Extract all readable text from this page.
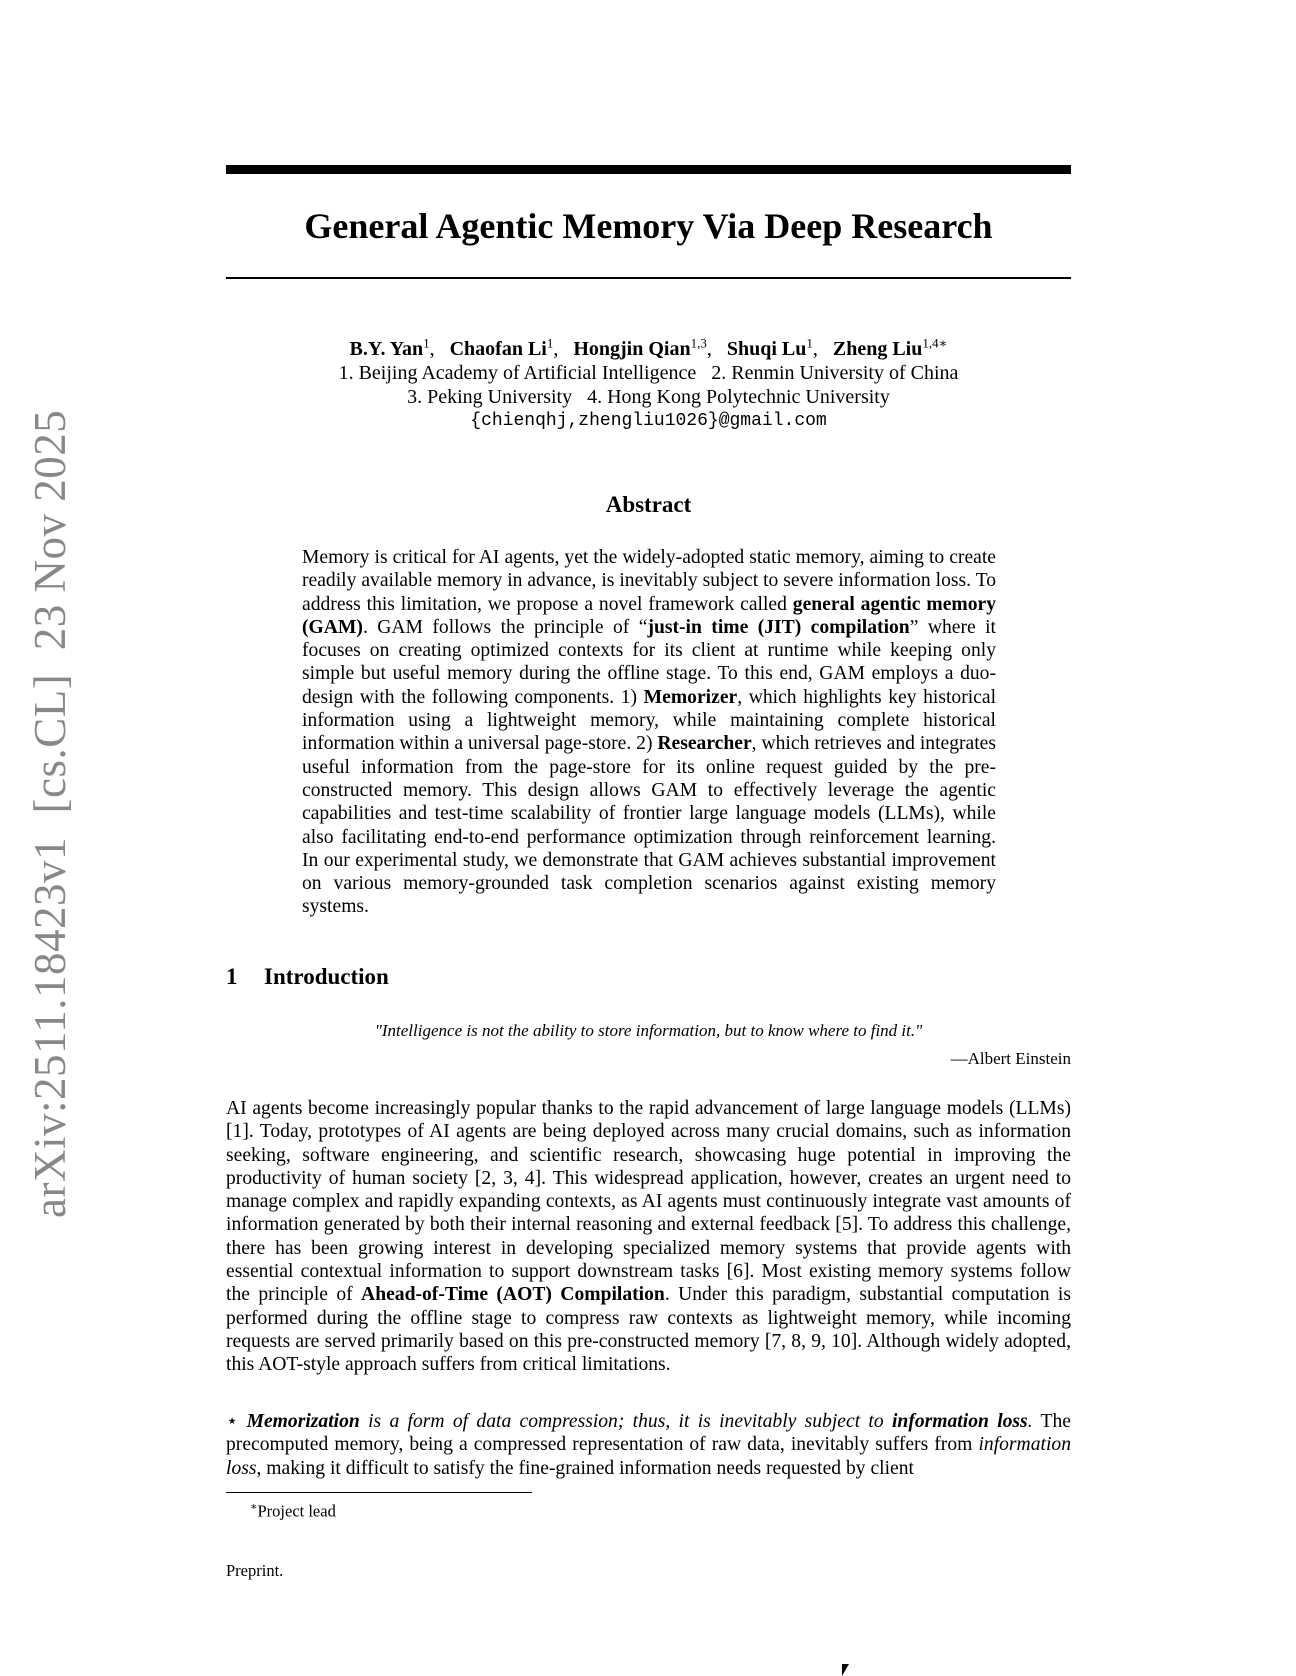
arXiv:2511.18423v1  [cs.CL]  23 Nov 2025
General Agentic Memory Via Deep Research
B.Y. Yan$^1$, Chaofan Li$^1$, Hongjin Qian$^{1,3}$, Shuqi Lu$^1$, Zheng Liu$^{1,4∗}$
1. Beijing Academy of Artificial Intelligence   2. Renmin University of China
3. Peking University   4. Hong Kong Polytechnic University
{chienqhj,zhengliu1026}@gmail.com
Abstract
Memory is critical for AI agents, yet the widely-adopted static memory, aiming to create readily available memory in advance, is inevitably subject to severe information loss. To address this limitation, we propose a novel framework called general agentic memory (GAM). GAM follows the principle of “just-in time (JIT) compilation” where it focuses on creating optimized contexts for its client at runtime while keeping only simple but useful memory during the offline stage. To this end, GAM employs a duo-design with the following components. 1) Memorizer, which highlights key historical information using a lightweight memory, while maintaining complete historical information within a universal page-store. 2) Researcher, which retrieves and integrates useful information from the page-store for its online request guided by the pre-constructed memory. This design allows GAM to effectively leverage the agentic capabilities and test-time scalability of frontier large language models (LLMs), while also facilitating end-to-end performance optimization through reinforcement learning. In our experimental study, we demonstrate that GAM achieves substantial improvement on various memory-grounded task completion scenarios against existing memory systems.
1 Introduction
"Intelligence is not the ability to store information, but to know where to find it."
—Albert Einstein
AI agents become increasingly popular thanks to the rapid advancement of large language models (LLMs) [1]. Today, prototypes of AI agents are being deployed across many crucial domains, such as information seeking, software engineering, and scientific research, showcasing huge potential in improving the productivity of human society [2, 3, 4]. This widespread application, however, creates an urgent need to manage complex and rapidly expanding contexts, as AI agents must continuously integrate vast amounts of information generated by both their internal reasoning and external feedback [5]. To address this challenge, there has been growing interest in developing specialized memory systems that provide agents with essential contextual information to support downstream tasks [6]. Most existing memory systems follow the principle of Ahead-of-Time (AOT) Compilation. Under this paradigm, substantial computation is performed during the offline stage to compress raw contexts as lightweight memory, while incoming requests are served primarily based on this pre-constructed memory [7, 8, 9, 10]. Although widely adopted, this AOT-style approach suffers from critical limitations.
⋆ Memorization is a form of data compression; thus, it is inevitably subject to information loss. The precomputed memory, being a compressed representation of raw data, inevitably suffers from information loss, making it difficult to satisfy the fine-grained information needs requested by client
∗Project lead
Preprint.
